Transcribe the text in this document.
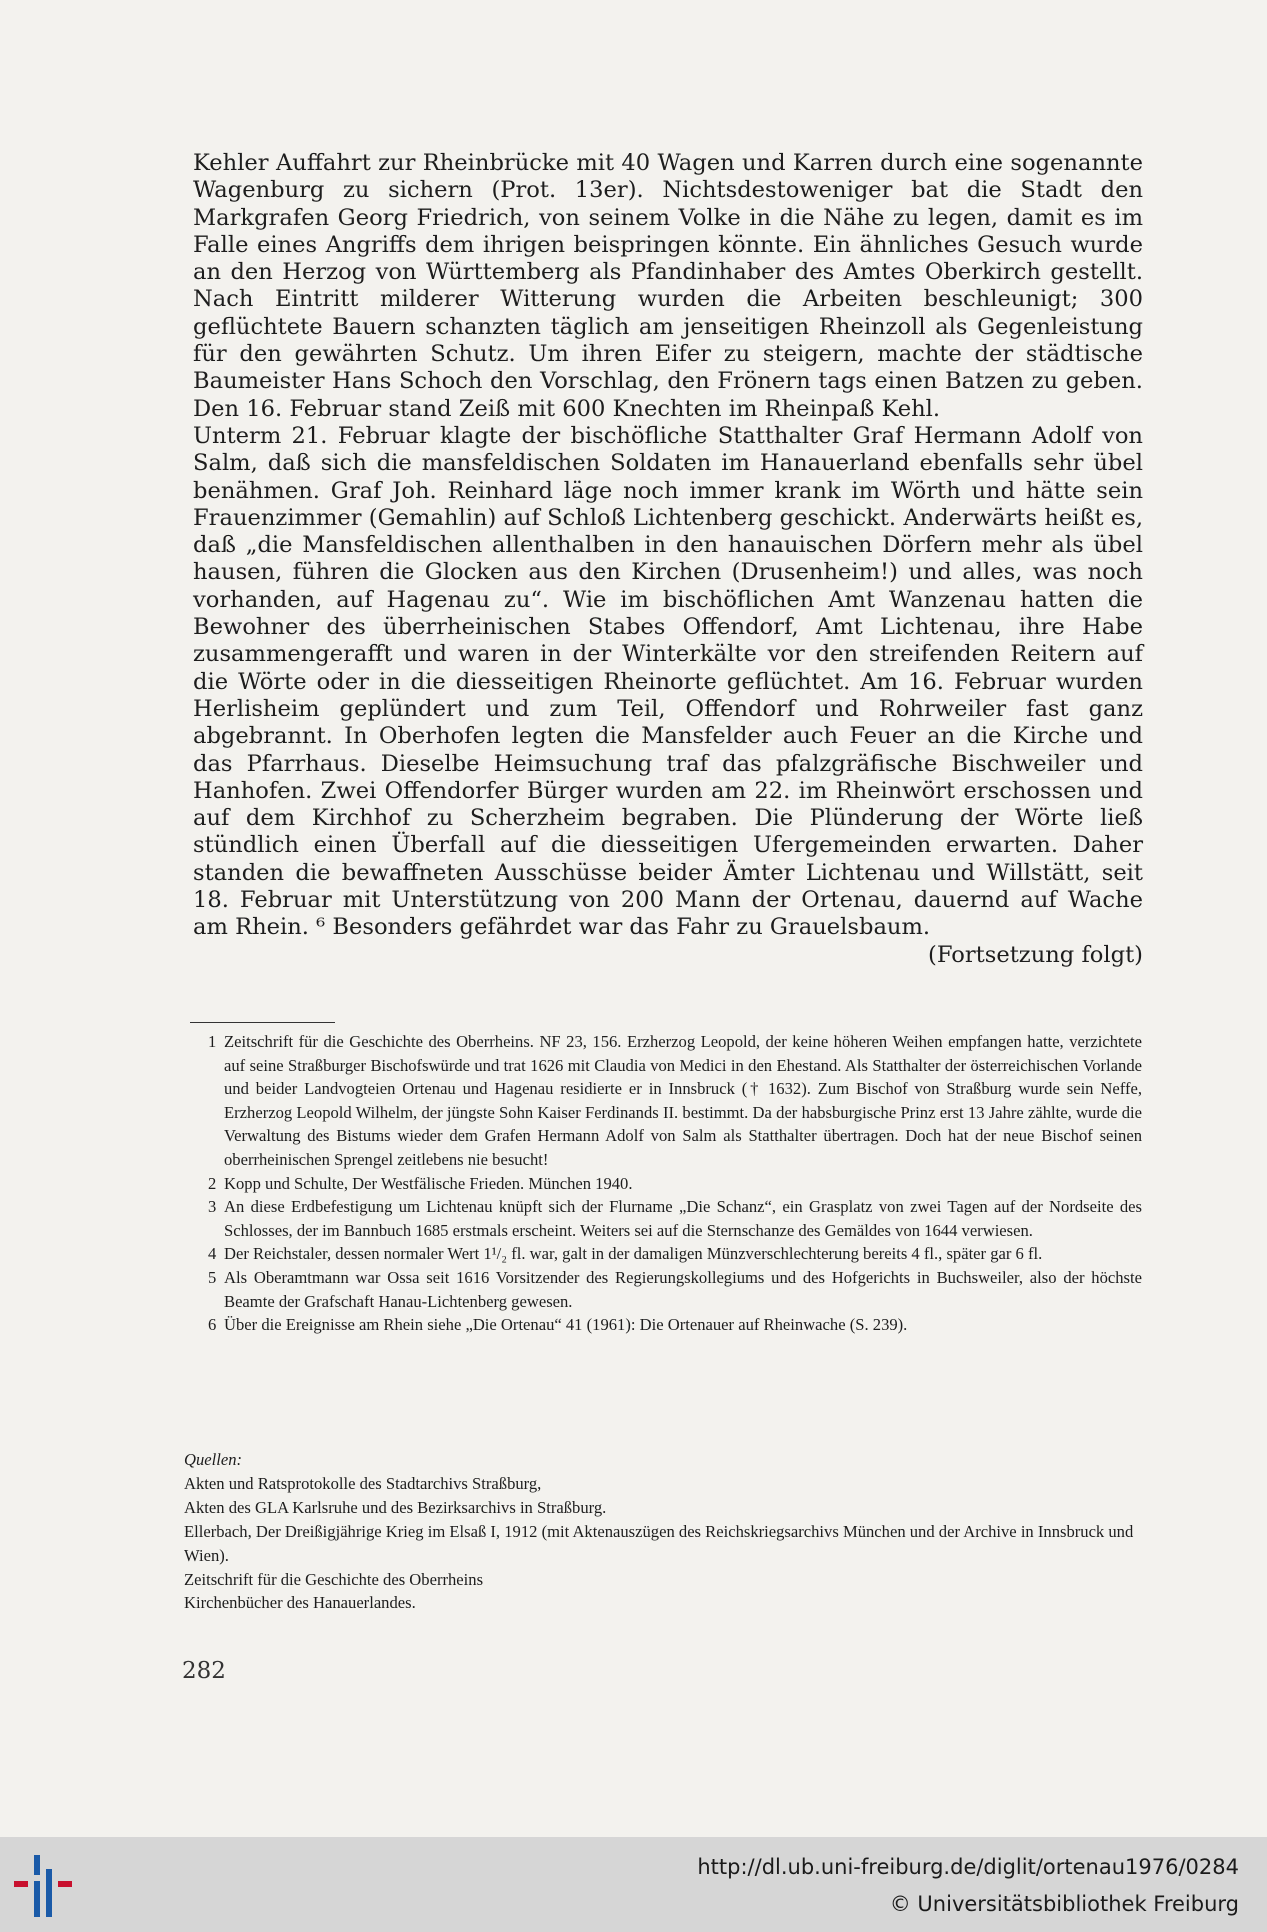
Kehler Auffahrt zur Rheinbrücke mit 40 Wagen und Karren durch eine sogenannte Wagenburg zu sichern (Prot. 13er). Nichtsdestoweniger bat die Stadt den Markgrafen Georg Friedrich, von seinem Volke in die Nähe zu legen, damit es im Falle eines Angriffs dem ihrigen beispringen könnte. Ein ähnliches Gesuch wurde an den Herzog von Württemberg als Pfandinhaber des Amtes Oberkirch gestellt. Nach Eintritt milderer Witterung wurden die Arbeiten beschleunigt; 300 geflüchtete Bauern schanzten täglich am jenseitigen Rheinzoll als Gegenleistung für den gewährten Schutz. Um ihren Eifer zu steigern, machte der städtische Baumeister Hans Schoch den Vorschlag, den Frönern tags einen Batzen zu geben. Den 16. Februar stand Zeiß mit 600 Knechten im Rheinpaß Kehl.

Unterm 21. Februar klagte der bischöfliche Statthalter Graf Hermann Adolf von Salm, daß sich die mansfeldischen Soldaten im Hanauerland ebenfalls sehr übel benähmen. Graf Joh. Reinhard läge noch immer krank im Wörth und hätte sein Frauenzimmer (Gemahlin) auf Schloß Lichtenberg geschickt. Anderwärts heißt es, daß „die Mansfeldischen allenthalben in den hanauischen Dörfern mehr als übel hausen, führen die Glocken aus den Kirchen (Drusenheim!) und alles, was noch vorhanden, auf Hagenau zu“. Wie im bischöflichen Amt Wanzenau hatten die Bewohner des überrheinischen Stabes Offendorf, Amt Lichtenau, ihre Habe zusammengerafft und waren in der Winterkälte vor den streifenden Reitern auf die Wörte oder in die diesseitigen Rheinorte geflüchtet. Am 16. Februar wurden Herlisheim geplündert und zum Teil, Offendorf und Rohrweiler fast ganz abgebrannt. In Oberhofen legten die Mansfelder auch Feuer an die Kirche und das Pfarrhaus. Dieselbe Heimsuchung traf das pfalzgräfische Bischweiler und Hanhofen. Zwei Offendorfer Bürger wurden am 22. im Rheinwört erschossen und auf dem Kirchhof zu Scherzheim begraben. Die Plünderung der Wörte ließ stündlich einen Überfall auf die diesseitigen Ufergemeinden erwarten. Daher standen die bewaffneten Ausschüsse beider Ämter Lichtenau und Willstätt, seit 18. Februar mit Unterstützung von 200 Mann der Ortenau, dauernd auf Wache am Rhein. ⁶ Besonders gefährdet war das Fahr zu Grauelsbaum.

(Fortsetzung folgt)

1 Zeitschrift für die Geschichte des Oberrheins. NF 23, 156. Erzherzog Leopold, der keine höheren Weihen empfangen hatte, verzichtete auf seine Straßburger Bischofswürde und trat 1626 mit Claudia von Medici in den Ehestand. Als Statthalter der österreichischen Vorlande und beider Landvogteien Ortenau und Hagenau residierte er in Innsbruck († 1632). Zum Bischof von Straßburg wurde sein Neffe, Erzherzog Leopold Wilhelm, der jüngste Sohn Kaiser Ferdinands II. bestimmt. Da der habsburgische Prinz erst 13 Jahre zählte, wurde die Verwaltung des Bistums wieder dem Grafen Hermann Adolf von Salm als Statthalter übertragen. Doch hat der neue Bischof seinen oberrheinischen Sprengel zeitlebens nie besucht!

2 Kopp und Schulte, Der Westfälische Frieden. München 1940.

3 An diese Erdbefestigung um Lichtenau knüpft sich der Flurname „Die Schanz“, ein Grasplatz von zwei Tagen auf der Nordseite des Schlosses, der im Bannbuch 1685 erstmals erscheint. Weiters sei auf die Sternschanze des Gemäldes von 1644 verwiesen.

4 Der Reichstaler, dessen normaler Wert 1¹/₂ fl. war, galt in der damaligen Münzverschlechterung bereits 4 fl., später gar 6 fl.

5 Als Oberamtmann war Ossa seit 1616 Vorsitzender des Regierungskollegiums und des Hofgerichts in Buchsweiler, also der höchste Beamte der Grafschaft Hanau-Lichtenberg gewesen.

6 Über die Ereignisse am Rhein siehe „Die Ortenau“ 41 (1961): Die Ortenauer auf Rheinwache (S. 239).

Quellen:
Akten und Ratsprotokolle des Stadtarchivs Straßburg,
Akten des GLA Karlsruhe und des Bezirksarchivs in Straßburg.
Ellerbach, Der Dreißigjährige Krieg im Elsaß I, 1912 (mit Aktenauszügen des Reichskriegsarchivs München und der Archive in Innsbruck und Wien).
Zeitschrift für die Geschichte des Oberrheins
Kirchenbücher des Hanauerlandes.
282
http://dl.ub.uni-freiburg.de/diglit/ortenau1976/0284
© Universitätsbibliothek Freiburg
